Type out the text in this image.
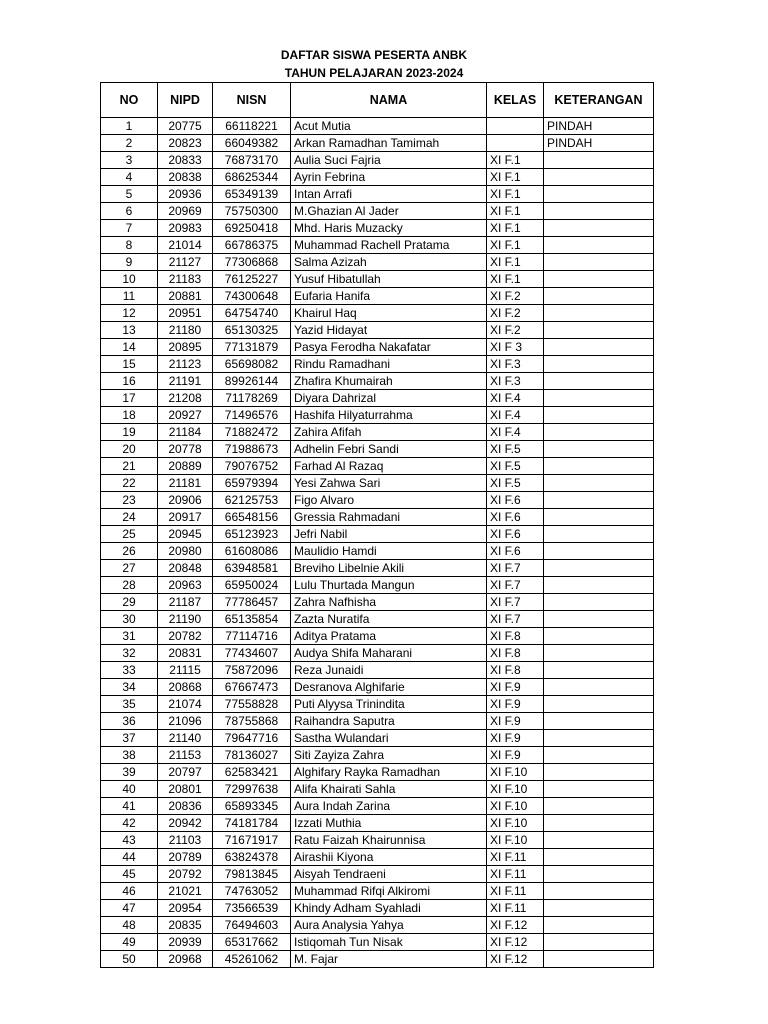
DAFTAR SISWA PESERTA ANBK
TAHUN PELAJARAN 2023-2024
NO	NIPD	NISN	NAMA	KELAS	KETERANGAN
1	20775	66118221	Acut Mutia		PINDAH
2	20823	66049382	Arkan Ramadhan Tamimah		PINDAH
3	20833	76873170	Aulia Suci Fajria	XI F.1	
4	20838	68625344	Ayrin Febrina	XI F.1	
5	20936	65349139	Intan Arrafi	XI F.1	
6	20969	75750300	M.Ghazian Al Jader	XI F.1	
7	20983	69250418	Mhd. Haris Muzacky	XI F.1	
8	21014	66786375	Muhammad Rachell Pratama	XI F.1	
9	21127	77306868	Salma Azizah	XI F.1	
10	21183	76125227	Yusuf Hibatullah	XI F.1	
11	20881	74300648	Eufaria Hanifa	XI F.2	
12	20951	64754740	Khairul Haq	XI F.2	
13	21180	65130325	Yazid Hidayat	XI F.2	
14	20895	77131879	Pasya Ferodha Nakafatar	XI F 3	
15	21123	65698082	Rindu Ramadhani	XI F.3	
16	21191	89926144	Zhafira Khumairah	XI F.3	
17	21208	71178269	Diyara Dahrizal	XI F.4	
18	20927	71496576	Hashifa Hilyaturrahma	XI F.4	
19	21184	71882472	Zahira Afifah	XI F.4	
20	20778	71988673	Adhelin Febri Sandi	XI F.5	
21	20889	79076752	Farhad Al Razaq	XI F.5	
22	21181	65979394	Yesi Zahwa Sari	XI F.5	
23	20906	62125753	Figo Alvaro	XI F.6	
24	20917	66548156	Gressia Rahmadani	XI F.6	
25	20945	65123923	Jefri Nabil	XI F.6	
26	20980	61608086	Maulidio Hamdi	XI F.6	
27	20848	63948581	Breviho Libelnie Akili	XI F.7	
28	20963	65950024	Lulu Thurtada Mangun	XI F.7	
29	21187	77786457	Zahra Nafhisha	XI F.7	
30	21190	65135854	Zazta Nuratifa	XI F.7	
31	20782	77114716	Aditya Pratama	XI F.8	
32	20831	77434607	Audya Shifa Maharani	XI F.8	
33	21115	75872096	Reza Junaidi	XI F.8	
34	20868	67667473	Desranova Alghifarie	XI F.9	
35	21074	77558828	Puti Alyysa Trinindita	XI F.9	
36	21096	78755868	Raihandra Saputra	XI F.9	
37	21140	79647716	Sastha Wulandari	XI F.9	
38	21153	78136027	Siti Zayiza Zahra	XI F.9	
39	20797	62583421	Alghifary Rayka Ramadhan	XI F.10	
40	20801	72997638	Alifa Khairati Sahla	XI F.10	
41	20836	65893345	Aura Indah Zarina	XI F.10	
42	20942	74181784	Izzati Muthia	XI F.10	
43	21103	71671917	Ratu Faizah Khairunnisa	XI F.10	
44	20789	63824378	Airashii Kiyona	XI F.11	
45	20792	79813845	Aisyah Tendraeni	XI F.11	
46	21021	74763052	Muhammad Rifqi Alkiromi	XI F.11	
47	20954	73566539	Khindy Adham Syahladi	XI F.11	
48	20835	76494603	Aura Analysia Yahya	XI F.12	
49	20939	65317662	Istiqomah Tun Nisak	XI F.12	
50	20968	45261062	M. Fajar	XI F.12	
